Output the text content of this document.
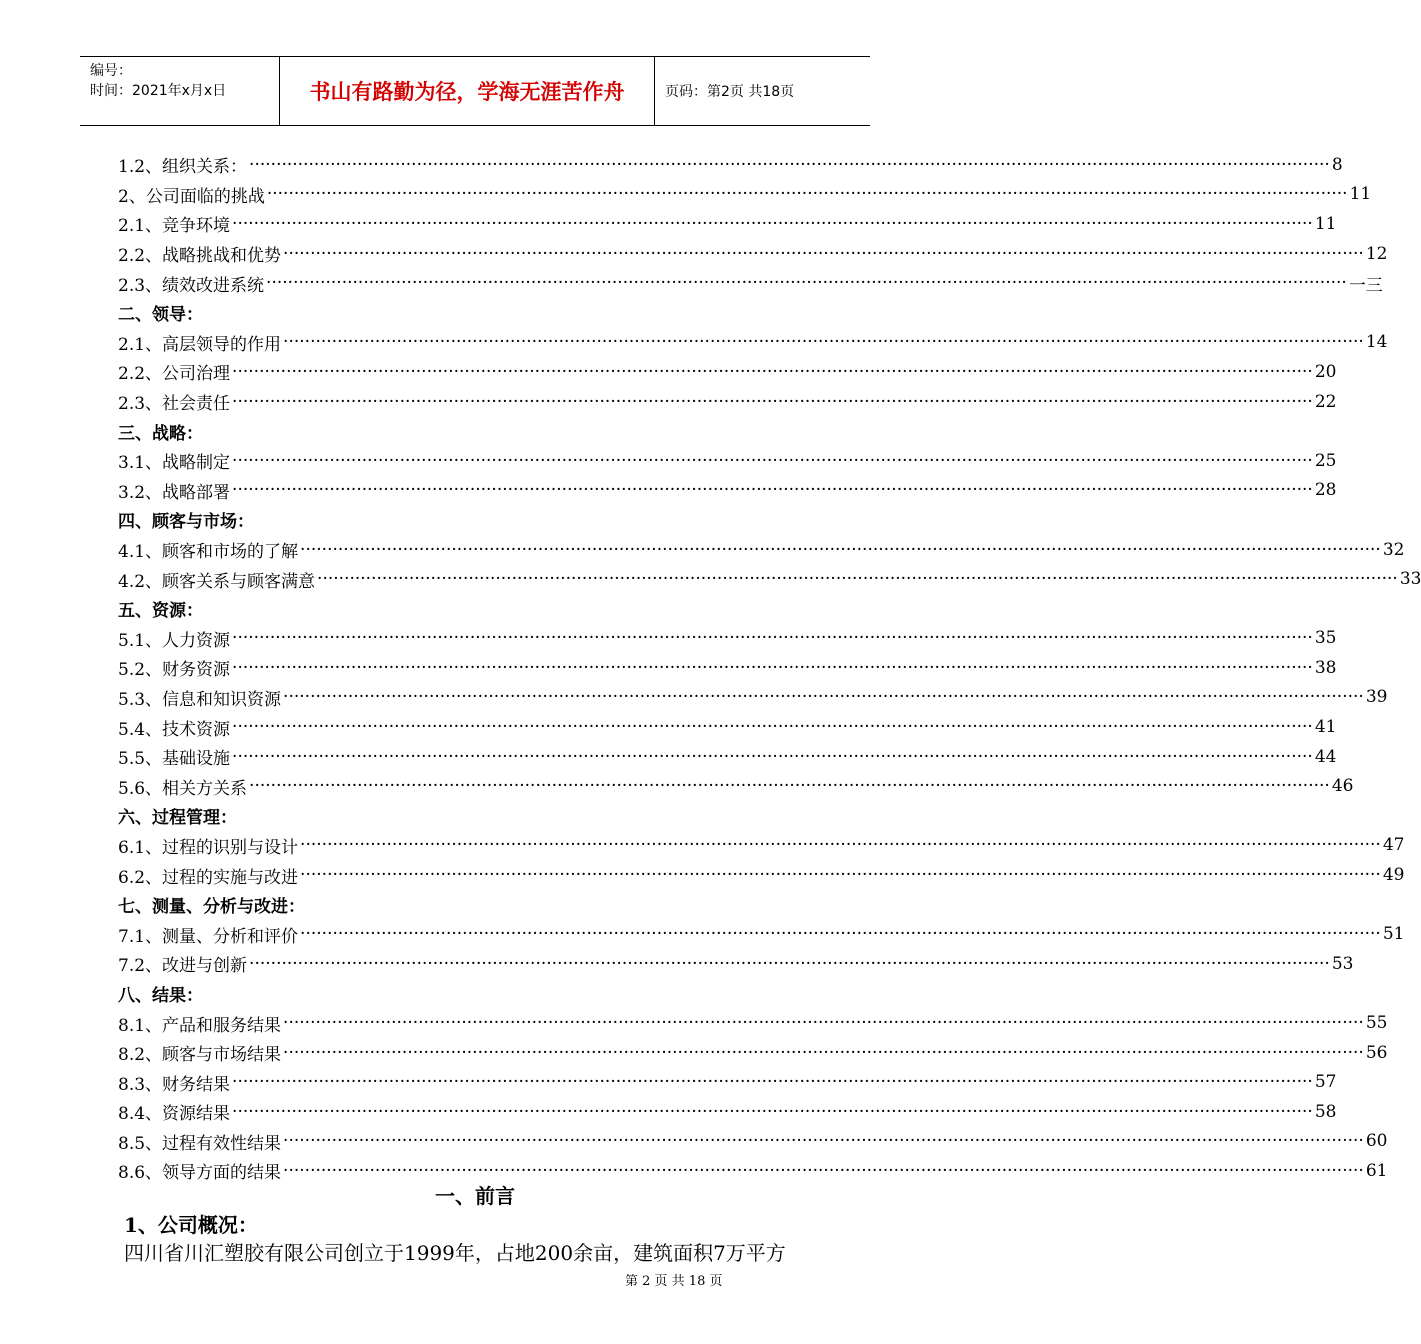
编号：
时间：2021年x月x日	书山有路勤为径，学海无涯苦作舟	页码：第2页 共18页
1.2、组织关系： ········································································································································································································ 8
2、公司面临的挑战 ········································································································································································································ 11
2.1、竞争环境 ········································································································································································································ 11
2.2、战略挑战和优势 ········································································································································································································ 12
2.3、绩效改进系统 ········································································································································································································ 一三
二、领导：
2.1、高层领导的作用 ········································································································································································································ 14
2.2、公司治理 ········································································································································································································ 20
2.3、社会责任 ········································································································································································································ 22
三、战略：
3.1、战略制定 ········································································································································································································ 25
3.2、战略部署 ········································································································································································································ 28
四、顾客与市场：
4.1、顾客和市场的了解 ········································································································································································································ 32
4.2、顾客关系与顾客满意 ········································································································································································································ 33
五、资源：
5.1、人力资源 ········································································································································································································ 35
5.2、财务资源 ········································································································································································································ 38
5.3、信息和知识资源 ········································································································································································································ 39
5.4、技术资源 ········································································································································································································ 41
5.5、基础设施 ········································································································································································································ 44
5.6、相关方关系 ········································································································································································································ 46
六、过程管理：
6.1、过程的识别与设计 ········································································································································································································ 47
6.2、过程的实施与改进 ········································································································································································································ 49
七、测量、分析与改进：
7.1、测量、分析和评价 ········································································································································································································ 51
7.2、改进与创新 ········································································································································································································ 53
八、结果：
8.1、产品和服务结果 ········································································································································································································ 55
8.2、顾客与市场结果 ········································································································································································································ 56
8.3、财务结果 ········································································································································································································ 57
8.4、资源结果 ········································································································································································································ 58
8.5、过程有效性结果 ········································································································································································································ 60
8.6、领导方面的结果 ········································································································································································································ 61
一、前言
1、公司概况：
四川省川汇塑胶有限公司创立于1999年，占地200余亩，建筑面积7万平方
第 2 页 共 18 页
